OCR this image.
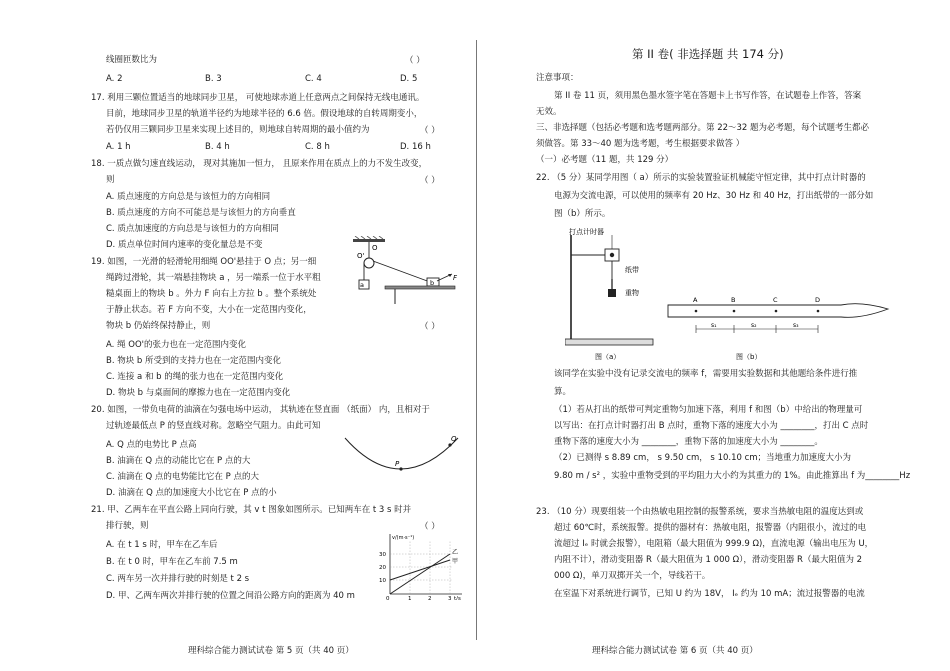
线圈匝数比为	（ ）
A. 2	B. 3	C. 4	D. 5
17. 利用三颗位置适当的地球同步卫星， 可使地球赤道上任意两点之间保持无线电通讯。
目前，地球同步卫星的轨道半径约为地球半径的 6.6 倍。假设地球的自转周期变小，
若仍仅用三颗同步卫星来实现上述目的，则地球自转周期的最小值约为	（ ）
A. 1 h	B. 4 h	C. 8 h	D. 16 h
18. 一质点做匀速直线运动， 现对其施加一恒力， 且原来作用在质点上的力不发生改变，
则	（ ）
A. 质点速度的方向总是与该恒力的方向相同
B. 质点速度的方向不可能总是与该恒力的方向垂直
C. 质点加速度的方向总是与该恒力的方向相同
D. 质点单位时间内速率的变化量总是不变
19. 如图，一光滑的轻滑轮用细绳 OO'悬挂于 O 点；另一细
绳跨过滑轮，其一端悬挂物块 a ，另一端系一位于水平粗
糙桌面上的物块 b 。外力 F 向右上方拉 b 。整个系统处
于静止状态。若 F 方向不变，大小在一定范围内变化，
物块 b 仍始终保持静止，则	（ ）
A. 绳 OO'的张力也在一定范围内变化
B. 物块 b 所受到的支持力也在一定范围内变化
C. 连接 a 和 b 的绳的张力也在一定范围内变化
D. 物块 b 与桌面间的摩擦力也在一定范围内变化
O
O'
a	b
F
20. 如图，一带负电荷的油滴在匀强电场中运动， 其轨迹在竖直面 （纸面） 内，且相对于
过轨迹最低点 P 的竖直线对称。忽略空气阻力。由此可知
A. Q 点的电势比 P 点高
B. 油滴在 Q 点的动能比它在 P 点的大
C. 油滴在 Q 点的电势能比它在 P 点的大
D. 油滴在 Q 点的加速度大小比它在 P 点的小
P
Q
21. 甲、乙两车在平直公路上同向行驶，其 v t 图象如图所示。已知两车在 t 3 s 时并
排行驶，则	（ ）
A. 在 t 1 s 时，甲车在乙车后
B. 在 t 0 时，甲车在乙车前 7.5 m
C. 两车另一次并排行驶的时刻是 t 2 s
D. 甲、乙两车两次并排行驶的位置之间沿公路方向的距离为 40 m
v/(m·s⁻¹)
t/s
乙
甲
30
20
10
0	1	2	3
理科综合能力测试试卷 第 5 页（共 40 页）
第 II 卷( 非选择题 共 174 分)
注意事项：
第 II 卷 11 页，须用黑色墨水签字笔在答题卡上书写作答，在试题卷上作答，答案
无效。
三、非选择题（包括必考题和选考题两部分。第 22～32 题为必考题，每个试题考生都必
须做答。第 33～40 题为选考题，考生根据要求做答 ）
（一）必考题（11 题，共 129 分）
22. （5 分）某同学用图（ a）所示的实验装置验证机械能守恒定律，其中打点计时器的
电源为交流电源，可以使用的频率有 20 Hz、30 Hz 和 40 Hz，打出纸带的一部分如
图（b）所示。
打点计时器
纸带
重物
图（a）
A	B	C	D
s₁	s₂	s₃
图（b）
该同学在实验中没有记录交流电的频率 f，需要用实验数据和其他题给条件进行推
算。
（1）若从打出的纸带可判定重物匀加速下落，利用 f 和图（b）中给出的物理量可
以写出：在打点计时器打出 B 点时，重物下落的速度大小为 ________，打出 C 点时
重物下落的速度大小为 ________，重物下落的加速度大小为 ________。
（2）已测得 s 8.89 cm， s 9.50 cm， s 10.10 cm；当地重力加速度大小为
9.80 m / s² ，实验中重物受到的平均阻力大小约为其重力的 1%。由此推算出 f 为________Hz
23. （10 分）现要组装一个由热敏电阻控制的报警系统，要求当热敏电阻的温度达到或
超过 60℃时，系统报警。提供的器材有：热敏电阻，报警器（内阻很小，流过的电
流超过 Iₑ 时就会报警），电阻箱（最大阻值为 999.9 Ω)，直流电源（输出电压为 U，
内阻不计），滑动变阻器 R（最大阻值为 1 000 Ω），滑动变阻器 R（最大阻值为 2
000 Ω)，单刀双掷开关一个，导线若干。
在室温下对系统进行调节，已知 U 约为 18V， Iₑ 约为 10 mA；流过报警器的电流
理科综合能力测试试卷 第 6 页（共 40 页）
